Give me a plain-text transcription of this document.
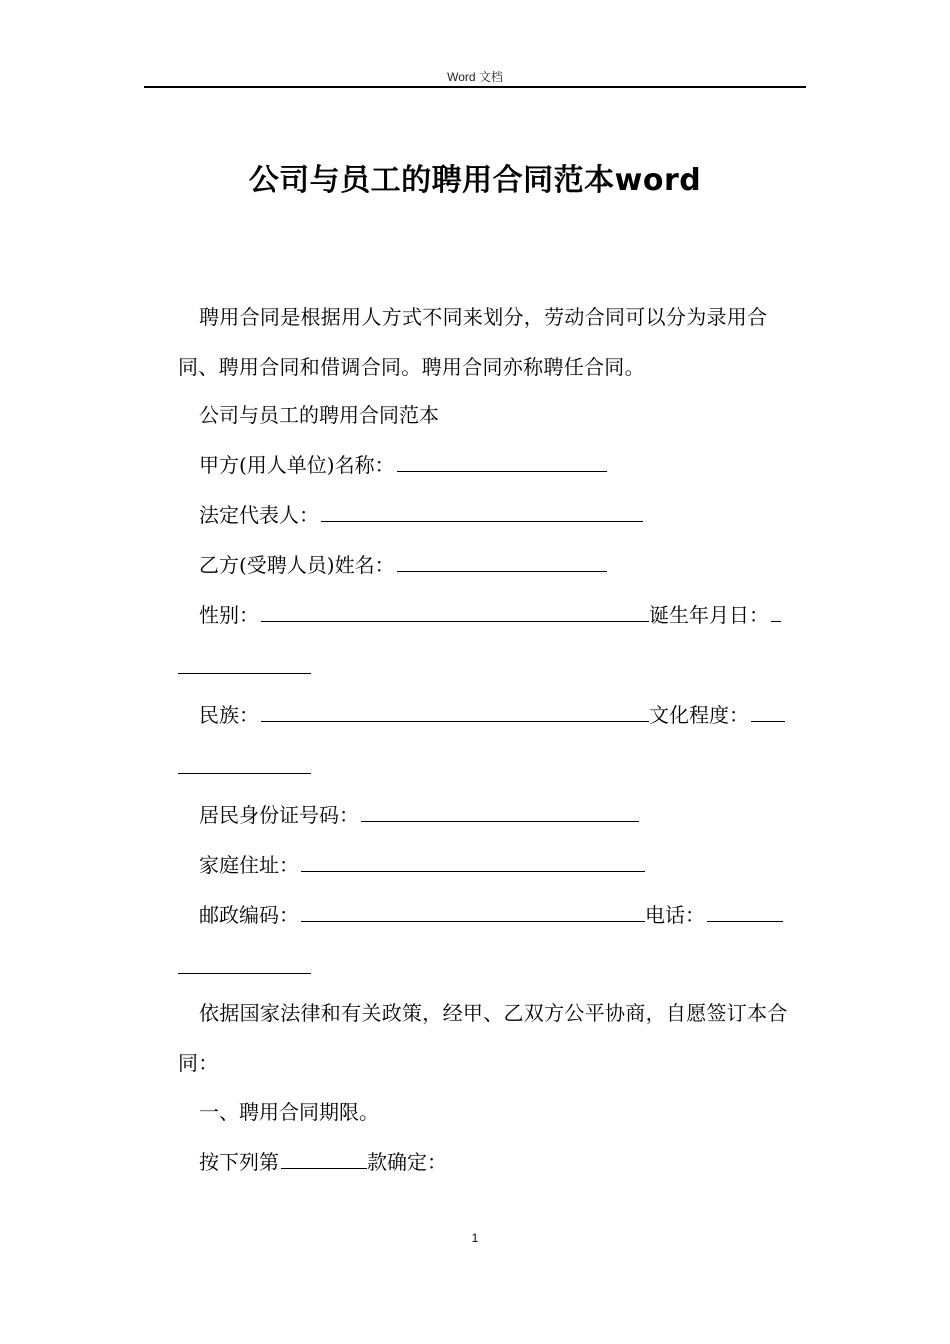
Word 文档
公司与员工的聘用合同范本word
聘用合同是根据用人方式不同来划分，劳动合同可以分为录用合同、聘用合同和借调合同。聘用合同亦称聘任合同。
公司与员工的聘用合同范本
甲方(用人单位)名称：
法定代表人：
乙方(受聘人员)姓名：
性别：	诞生年月日：
民族：	文化程度：
居民身份证号码：
家庭住址：
邮政编码：	电话：
依据国家法律和有关政策，经甲、乙双方公平协商，自愿签订本合同：
一、聘用合同期限。
按下列第	款确定：
1
